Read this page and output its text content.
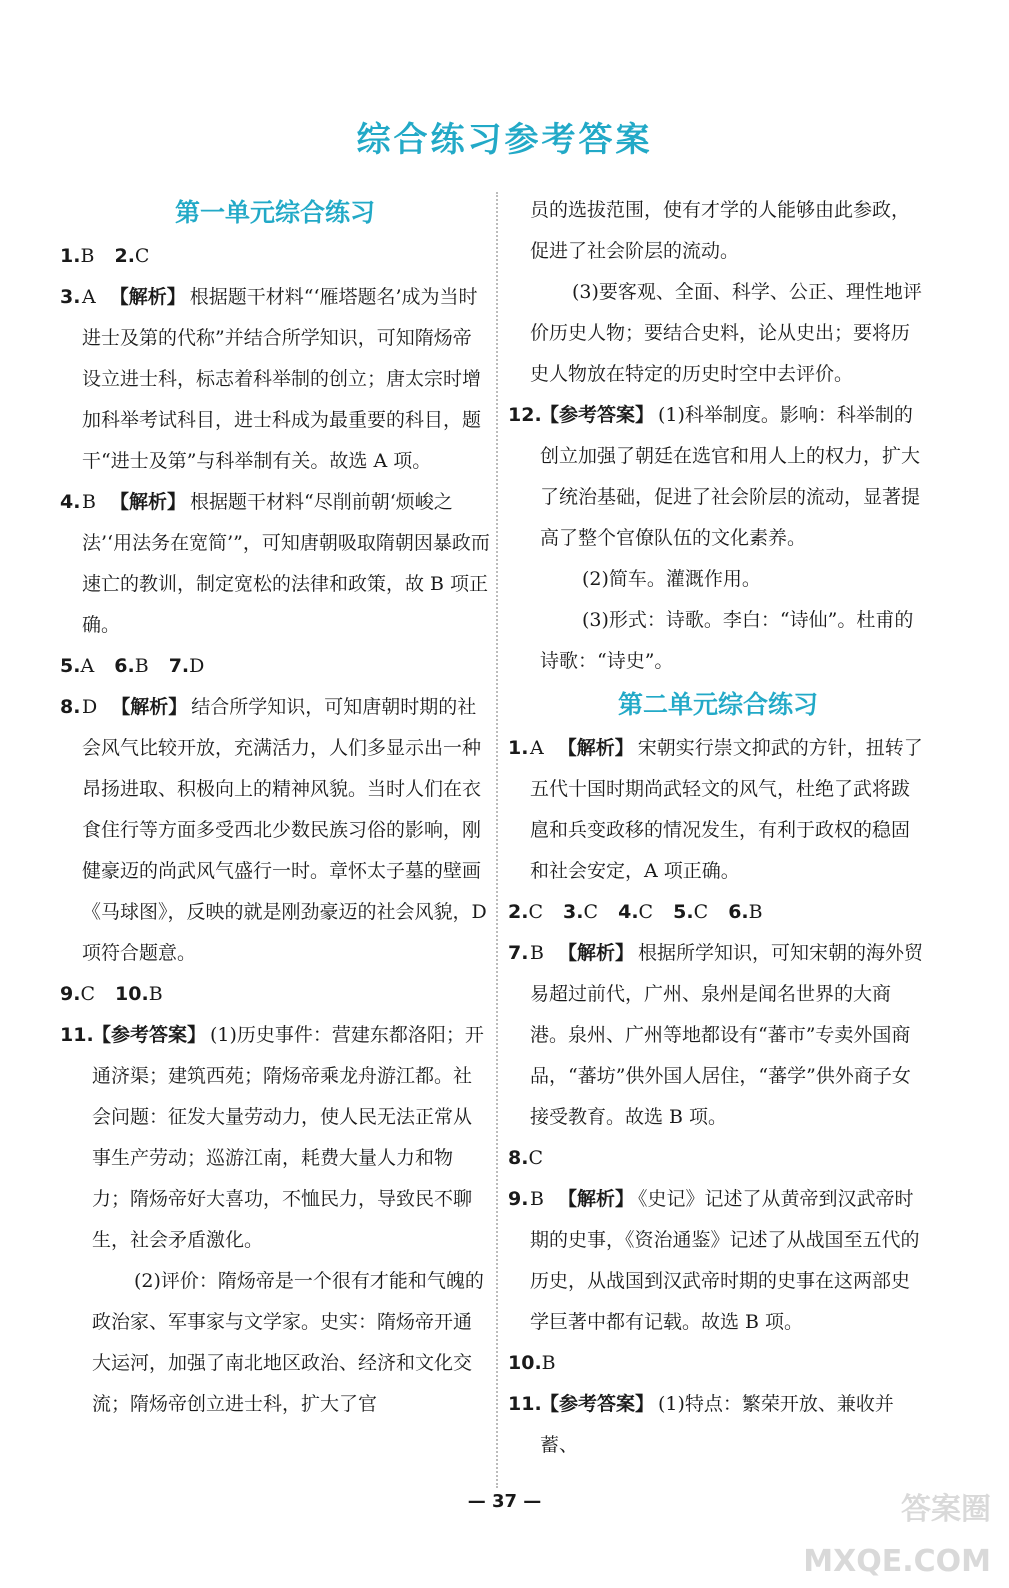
综合练习参考答案
第一单元综合练习
1.B 2.C
3. A 【解析】 根据题干材料“‘雁塔题名’成为当时进士及第的代称”并结合所学知识，可知隋炀帝设立进士科，标志着科举制的创立；唐太宗时增加科举考试科目，进士科成为最重要的科目，题干“进士及第”与科举制有关。故选 A 项。
4. B 【解析】 根据题干材料“尽削前朝‘烦峻之法’‘用法务在宽简’”，可知唐朝吸取隋朝因暴政而速亡的教训，制定宽松的法律和政策，故 B 项正确。
5.A 6.B 7.D
8. D 【解析】 结合所学知识，可知唐朝时期的社会风气比较开放，充满活力，人们多显示出一种昂扬进取、积极向上的精神风貌。当时人们在衣食住行等方面多受西北少数民族习俗的影响，刚健豪迈的尚武风气盛行一时。章怀太子墓的壁画《马球图》，反映的就是刚劲豪迈的社会风貌，D 项符合题意。
9.C 10.B
11.
【参考答案】 (1)历史事件：营建东都洛阳；开通济渠；建筑西苑；隋炀帝乘龙舟游江都。社会问题：征发大量劳动力，使人民无法正常从事生产劳动；巡游江南，耗费大量人力和物力；隋炀帝好大喜功，不恤民力，导致民不聊生，社会矛盾激化。
(2)评价：隋炀帝是一个很有才能和气魄的政治家、军事家与文学家。史实：隋炀帝开通大运河，加强了南北地区政治、经济和文化交流；隋炀帝创立进士科，扩大了官
员的选拔范围，使有才学的人能够由此参政，促进了社会阶层的流动。
(3)要客观、全面、科学、公正、理性地评价历史人物；要结合史料，论从史出；要将历史人物放在特定的历史时空中去评价。
12.
【参考答案】 (1)科举制度。影响：科举制的创立加强了朝廷在选官和用人上的权力，扩大了统治基础，促进了社会阶层的流动，显著提高了整个官僚队伍的文化素养。
(2)简车。灌溉作用。
(3)形式：诗歌。李白：“诗仙”。杜甫的诗歌：“诗史”。
第二单元综合练习
1. A 【解析】 宋朝实行崇文抑武的方针，扭转了五代十国时期尚武轻文的风气，杜绝了武将跋扈和兵变政移的情况发生，有利于政权的稳固和社会安定，A 项正确。
2.C 3.C 4.C 5.C 6.B
7. B 【解析】 根据所学知识，可知宋朝的海外贸易超过前代，广州、泉州是闻名世界的大商港。泉州、广州等地都设有“蕃市”专卖外国商品，“蕃坊”供外国人居住，“蕃学”供外商子女接受教育。故选 B 项。
8.C
9. B 【解析】 《史记》记述了从黄帝到汉武帝时期的史事，《资治通鉴》记述了从战国至五代的历史，从战国到汉武帝时期的史事在这两部史学巨著中都有记载。故选 B 项。
10.B
11.
【参考答案】 (1)特点：繁荣开放、兼收并蓄、
— 37 —	答案圈 MXQE.COM
